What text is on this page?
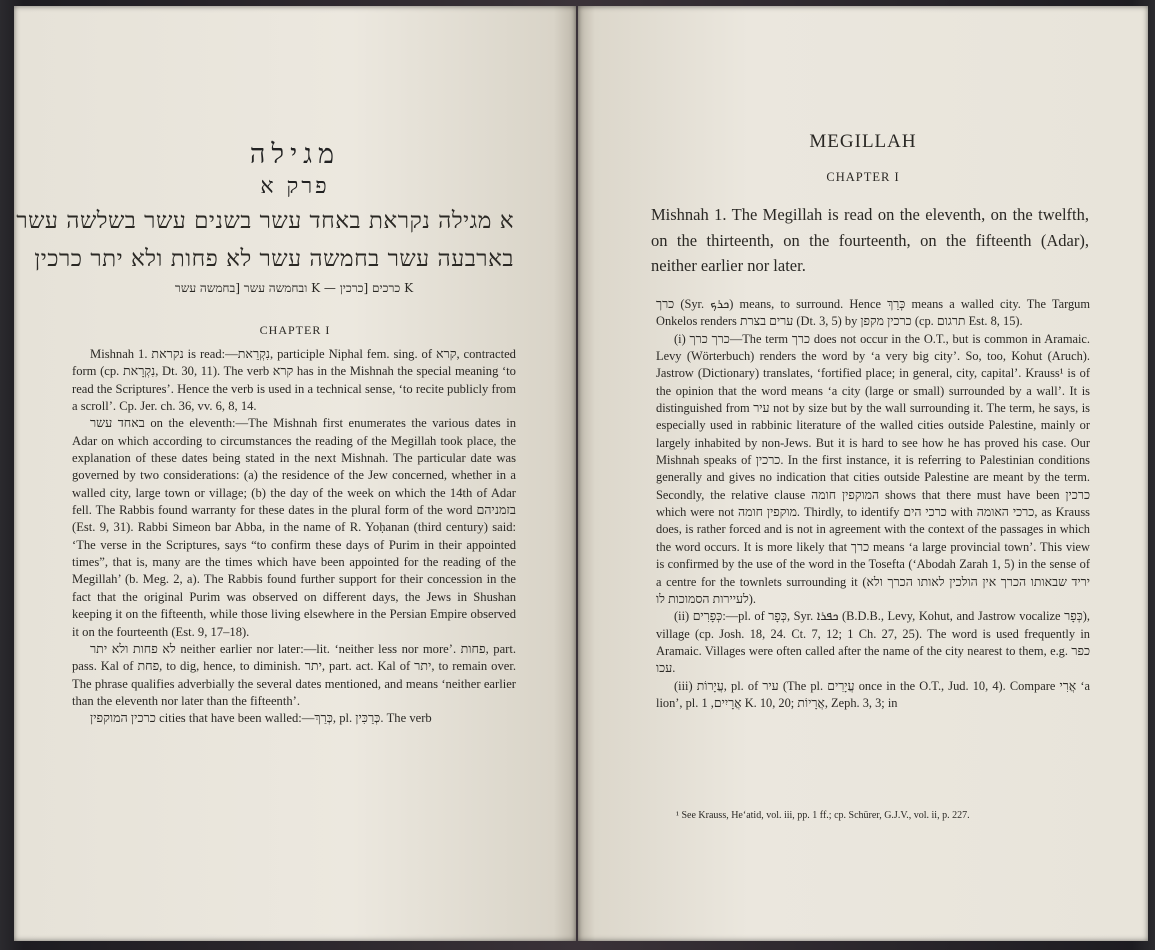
מגילה
פרק א
א מגילה נקראת באחד עשר בשנים עשר בשלשה עשר
בארבעה עשר בחמשה עשר לא פחות ולא יתר כרכין
K כרכים [כרכין — K ובחמשה עשר [בחמשה עשר
CHAPTER I

Mishnah 1. נקראת is read:—נִקְרֵאת, participle Niphal fem. sing. of קרא, contracted form (cp. נִקְרָאת, Dt. 30, 11). The verb קרא has in the Mishnah the special meaning ‘to read the Scriptures’. Hence the verb is used in a technical sense, ‘to recite publicly from a scroll’. Cp. Jer. ch. 36, vv. 6, 8, 14.

באחד עשר on the eleventh:—The Mishnah first enumerates the various dates in Adar on which according to circumstances the reading of the Megillah took place, the explanation of these dates being stated in the next Mishnah. The particular date was governed by two considerations: (a) the residence of the Jew concerned, whether in a walled city, large town or village; (b) the day of the week on which the 14th of Adar fell. The Rabbis found warranty for these dates in the plural form of the word בזמניהם (Est. 9, 31). Rabbi Simeon bar Abba, in the name of R. Yoḥanan (third century) said: ‘The verse in the Scriptures, says “to confirm these days of Purim in their appointed times”, that is, many are the times which have been appointed for the reading of the Megillah’ (b. Meg. 2, a). The Rabbis found further support for their concession in the fact that the original Purim was observed on different days, the Jews in Shushan keeping it on the fifteenth, while those living elsewhere in the Persian Empire observed it on the fourteenth (Est. 9, 17–18).

לא פחות ולא יתר neither earlier nor later:—lit. ‘neither less nor more’. פחות, part. pass. Kal of פחת, to dig, hence, to diminish. יתר, part. act. Kal of יתר, to remain over. The phrase qualifies adverbially the several dates mentioned, and means ‘neither earlier than the eleventh nor later than the fifteenth’.

כרכין המוקפין cities that have been walled:—כְּרַךְ, pl. כְּרַכִּין. The verb

MEGILLAH
CHAPTER I
Mishnah 1. The Megillah is read on the eleventh, on the twelfth, on the thirteenth, on the fourteenth, on the fifteenth (Adar), neither earlier nor later.

כרך (Syr. ܟܪܟ) means, to surround. Hence כְּרַךְ means a walled city. The Targum Onkelos renders ערים בצרת (Dt. 3, 5) by כרכין מקפן (cp. תרגום Est. 8, 15).

(i) כרך כרך—The term כרך does not occur in the O.T., but is common in Aramaic. Levy (Wörterbuch) renders the word by ‘a very big city’. So, too, Kohut (Aruch). Jastrow (Dictionary) translates, ‘fortified place; in general, city, capital’. Krauss¹ is of the opinion that the word means ‘a city (large or small) surrounded by a wall’. It is distinguished from עיר not by size but by the wall surrounding it. The term, he says, is especially used in rabbinic literature of the walled cities outside Palestine, mainly or largely inhabited by non-Jews. But it is hard to see how he has proved his case. Our Mishnah speaks of כרכין. In the first instance, it is referring to Palestinian conditions generally and gives no indication that cities outside Palestine are meant by the term. Secondly, the relative clause המוקפין חומה shows that there must have been כרכין which were not מוקפין חומה. Thirdly, to identify כרכי הים with כרכי האומה, as Krauss does, is rather forced and is not in agreement with the context of the passages in which the word occurs. It is more likely that כרך means ‘a large provincial town’. This view is confirmed by the use of the word in the Tosefta (‘Abodah Zarah 1, 5) in the sense of a centre for the townlets surrounding it (יריד שבאותו הכרך אין הולכין לאותו הכרך ולא לעיירות הסמוכות לו).

(ii) כְּפָרִים:—pl. of כְּפָר, Syr. ܟܦܪܐ (B.D.B., Levy, Kohut, and Jastrow vocalize כְּפָר), village (cp. Josh. 18, 24. Ct. 7, 12; 1 Ch. 27, 25). The word is used frequently in Aramaic. Villages were often called after the name of the city nearest to them, e.g. כפר עכו.

(iii) עֲיָרוֹת, pl. of עיר (The pl. עֲיָרִים once in the O.T., Jud. 10, 4). Compare אֲרִי ‘a lion’, pl. אֲרָיִים, 1 K. 10, 20; אֲרָיוֹת, Zeph. 3, 3; in

¹ See Krauss, He‘atid, vol. iii, pp. 1 ff.; cp. Schürer, G.J.V., vol. ii, p. 227.
